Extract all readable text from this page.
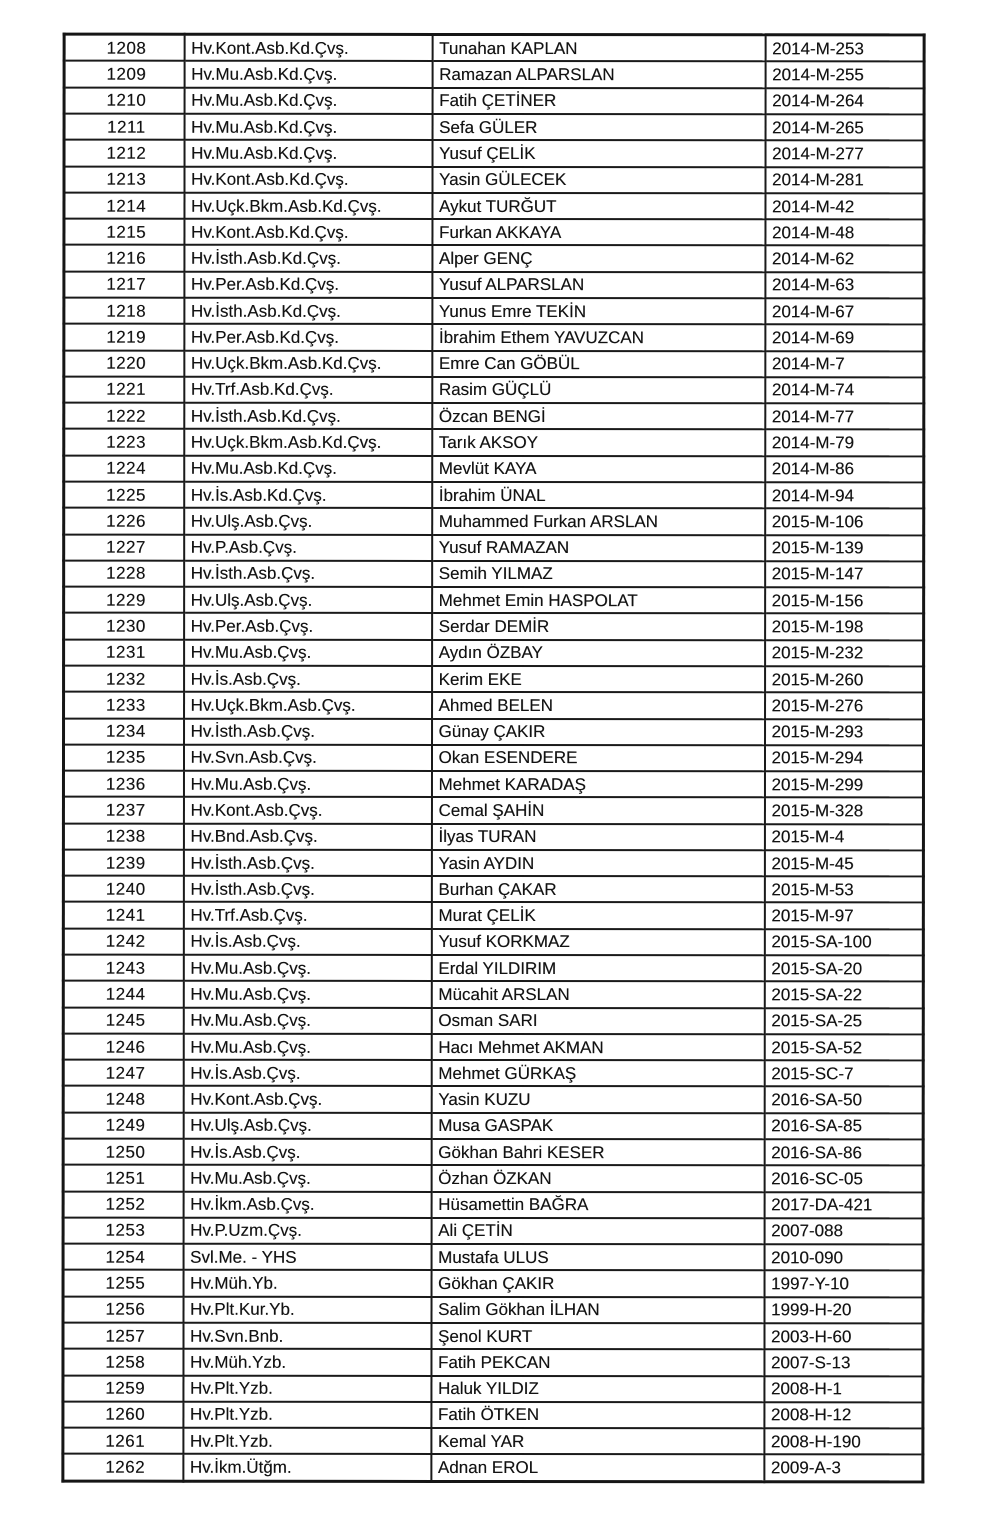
1208	Hv.Kont.Asb.Kd.Çvş.	Tunahan KAPLAN	2014-M-253
1209	Hv.Mu.Asb.Kd.Çvş.	Ramazan ALPARSLAN	2014-M-255
1210	Hv.Mu.Asb.Kd.Çvş.	Fatih ÇETİNER	2014-M-264
1211	Hv.Mu.Asb.Kd.Çvş.	Sefa GÜLER	2014-M-265
1212	Hv.Mu.Asb.Kd.Çvş.	Yusuf ÇELİK	2014-M-277
1213	Hv.Kont.Asb.Kd.Çvş.	Yasin GÜLECEK	2014-M-281
1214	Hv.Uçk.Bkm.Asb.Kd.Çvş.	Aykut TURĞUT	2014-M-42
1215	Hv.Kont.Asb.Kd.Çvş.	Furkan AKKAYA	2014-M-48
1216	Hv.İsth.Asb.Kd.Çvş.	Alper GENÇ	2014-M-62
1217	Hv.Per.Asb.Kd.Çvş.	Yusuf ALPARSLAN	2014-M-63
1218	Hv.İsth.Asb.Kd.Çvş.	Yunus Emre TEKİN	2014-M-67
1219	Hv.Per.Asb.Kd.Çvş.	İbrahim Ethem YAVUZCAN	2014-M-69
1220	Hv.Uçk.Bkm.Asb.Kd.Çvş.	Emre Can GÖBÜL	2014-M-7
1221	Hv.Trf.Asb.Kd.Çvş.	Rasim GÜÇLÜ	2014-M-74
1222	Hv.İsth.Asb.Kd.Çvş.	Özcan BENGİ	2014-M-77
1223	Hv.Uçk.Bkm.Asb.Kd.Çvş.	Tarık AKSOY	2014-M-79
1224	Hv.Mu.Asb.Kd.Çvş.	Mevlüt KAYA	2014-M-86
1225	Hv.İs.Asb.Kd.Çvş.	İbrahim ÜNAL	2014-M-94
1226	Hv.Ulş.Asb.Çvş.	Muhammed Furkan ARSLAN	2015-M-106
1227	Hv.P.Asb.Çvş.	Yusuf RAMAZAN	2015-M-139
1228	Hv.İsth.Asb.Çvş.	Semih YILMAZ	2015-M-147
1229	Hv.Ulş.Asb.Çvş.	Mehmet Emin HASPOLAT	2015-M-156
1230	Hv.Per.Asb.Çvş.	Serdar DEMİR	2015-M-198
1231	Hv.Mu.Asb.Çvş.	Aydın ÖZBAY	2015-M-232
1232	Hv.İs.Asb.Çvş.	Kerim EKE	2015-M-260
1233	Hv.Uçk.Bkm.Asb.Çvş.	Ahmed BELEN	2015-M-276
1234	Hv.İsth.Asb.Çvş.	Günay ÇAKIR	2015-M-293
1235	Hv.Svn.Asb.Çvş.	Okan ESENDERE	2015-M-294
1236	Hv.Mu.Asb.Çvş.	Mehmet KARADAŞ	2015-M-299
1237	Hv.Kont.Asb.Çvş.	Cemal ŞAHİN	2015-M-328
1238	Hv.Bnd.Asb.Çvş.	İlyas TURAN	2015-M-4
1239	Hv.İsth.Asb.Çvş.	Yasin AYDIN	2015-M-45
1240	Hv.İsth.Asb.Çvş.	Burhan ÇAKAR	2015-M-53
1241	Hv.Trf.Asb.Çvş.	Murat ÇELİK	2015-M-97
1242	Hv.İs.Asb.Çvş.	Yusuf KORKMAZ	2015-SA-100
1243	Hv.Mu.Asb.Çvş.	Erdal YILDIRIM	2015-SA-20
1244	Hv.Mu.Asb.Çvş.	Mücahit ARSLAN	2015-SA-22
1245	Hv.Mu.Asb.Çvş.	Osman SARI	2015-SA-25
1246	Hv.Mu.Asb.Çvş.	Hacı Mehmet AKMAN	2015-SA-52
1247	Hv.İs.Asb.Çvş.	Mehmet GÜRKAŞ	2015-SC-7
1248	Hv.Kont.Asb.Çvş.	Yasin KUZU	2016-SA-50
1249	Hv.Ulş.Asb.Çvş.	Musa GASPAK	2016-SA-85
1250	Hv.İs.Asb.Çvş.	Gökhan Bahri KESER	2016-SA-86
1251	Hv.Mu.Asb.Çvş.	Özhan ÖZKAN	2016-SC-05
1252	Hv.İkm.Asb.Çvş.	Hüsamettin BAĞRA	2017-DA-421
1253	Hv.P.Uzm.Çvş.	Ali ÇETİN	2007-088
1254	Svl.Me. - YHS	Mustafa ULUS	2010-090
1255	Hv.Müh.Yb.	Gökhan ÇAKIR	1997-Y-10
1256	Hv.Plt.Kur.Yb.	Salim Gökhan İLHAN	1999-H-20
1257	Hv.Svn.Bnb.	Şenol KURT	2003-H-60
1258	Hv.Müh.Yzb.	Fatih PEKCAN	2007-S-13
1259	Hv.Plt.Yzb.	Haluk YILDIZ	2008-H-1
1260	Hv.Plt.Yzb.	Fatih ÖTKEN	2008-H-12
1261	Hv.Plt.Yzb.	Kemal YAR	2008-H-190
1262	Hv.İkm.Ütğm.	Adnan EROL	2009-A-3
